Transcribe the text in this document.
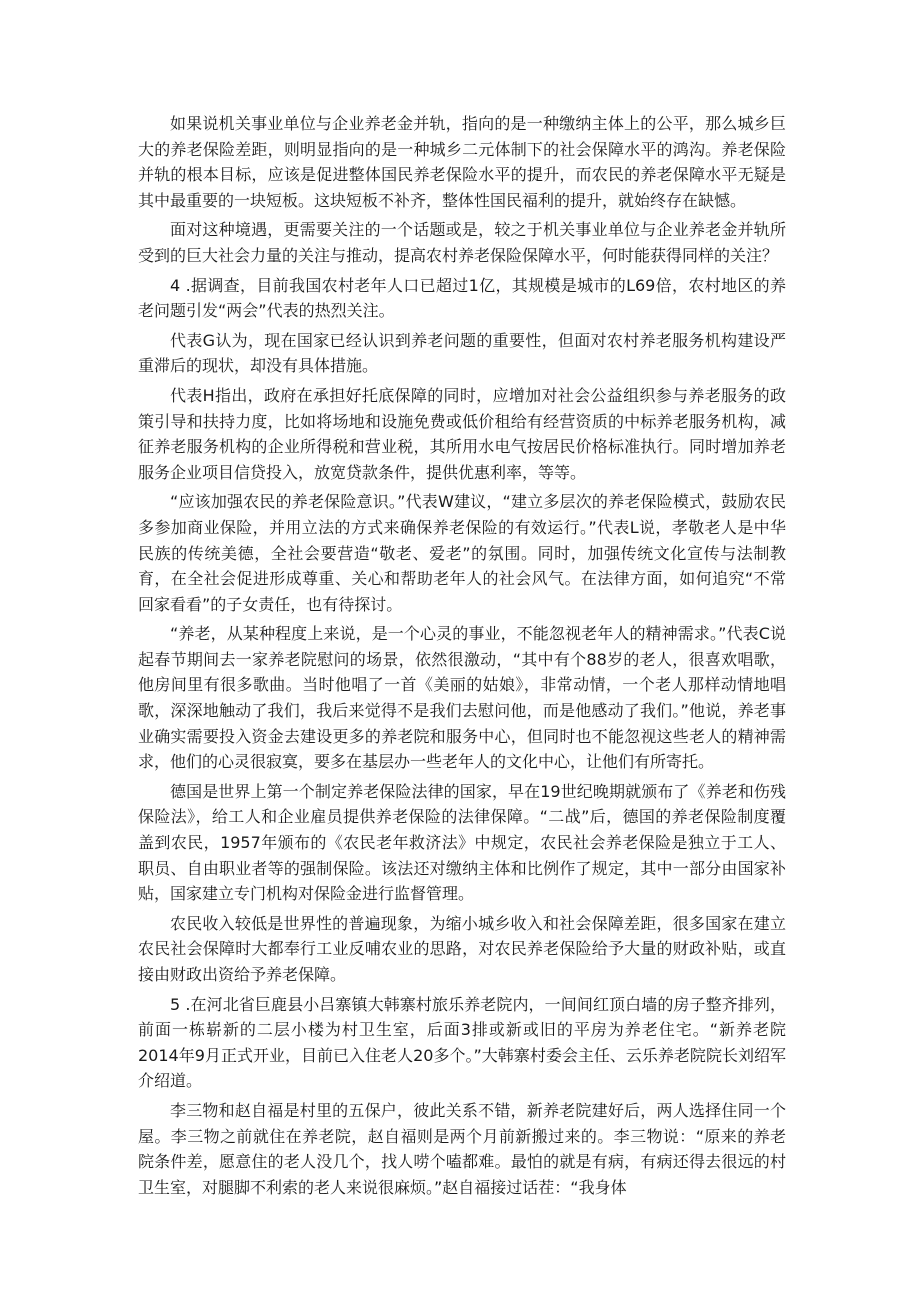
如果说机关事业单位与企业养老金并轨，指向的是一种缴纳主体上的公平，那么城乡巨大的养老保险差距，则明显指向的是一种城乡二元体制下的社会保障水平的鸿沟。养老保险并轨的根本目标，应该是促进整体国民养老保险水平的提升，而农民的养老保障水平无疑是其中最重要的一块短板。这块短板不补齐，整体性国民福利的提升，就始终存在缺憾。

面对这种境遇，更需要关注的一个话题或是，较之于机关事业单位与企业养老金并轨所受到的巨大社会力量的关注与推动，提高农村养老保险保障水平，何时能获得同样的关注？

4 .据调查，目前我国农村老年人口已超过1亿，其规模是城市的L69倍，农村地区的养老问题引发“两会”代表的热烈关注。

代表G认为，现在国家已经认识到养老问题的重要性，但面对农村养老服务机构建设严重滞后的现状，却没有具体措施。

代表H指出，政府在承担好托底保障的同时，应增加对社会公益组织参与养老服务的政策引导和扶持力度，比如将场地和设施免费或低价租给有经营资质的中标养老服务机构，减征养老服务机构的企业所得税和营业税，其所用水电气按居民价格标准执行。同时增加养老服务企业项目信贷投入，放宽贷款条件，提供优惠利率，等等。

“应该加强农民的养老保险意识。”代表W建议，“建立多层次的养老保险模式，鼓励农民多参加商业保险，并用立法的方式来确保养老保险的有效运行。”代表L说，孝敬老人是中华民族的传统美德，全社会要营造“敬老、爱老”的氛围。同时，加强传统文化宣传与法制教育，在全社会促进形成尊重、关心和帮助老年人的社会风气。在法律方面，如何追究“不常回家看看”的子女责任，也有待探讨。

“养老，从某种程度上来说，是一个心灵的事业，不能忽视老年人的精神需求。”代表C说起春节期间去一家养老院慰问的场景，依然很激动，“其中有个88岁的老人，很喜欢唱歌，他房间里有很多歌曲。当时他唱了一首《美丽的姑娘》，非常动情，一个老人那样动情地唱歌，深深地触动了我们，我后来觉得不是我们去慰问他，而是他感动了我们。”他说，养老事业确实需要投入资金去建设更多的养老院和服务中心，但同时也不能忽视这些老人的精神需求，他们的心灵很寂寞，要多在基层办一些老年人的文化中心，让他们有所寄托。

德国是世界上第一个制定养老保险法律的国家，早在19世纪晚期就颁布了《养老和伤残保险法》，给工人和企业雇员提供养老保险的法律保障。“二战”后，德国的养老保险制度覆盖到农民，1957年颁布的《农民老年救济法》中规定，农民社会养老保险是独立于工人、职员、自由职业者等的强制保险。该法还对缴纳主体和比例作了规定，其中一部分由国家补贴，国家建立专门机构对保险金进行监督管理。

农民收入较低是世界性的普遍现象，为缩小城乡收入和社会保障差距，很多国家在建立农民社会保障时大都奉行工业反哺农业的思路，对农民养老保险给予大量的财政补贴，或直接由财政出资给予养老保障。

5 .在河北省巨鹿县小吕寨镇大韩寨村旅乐养老院内，一间间红顶白墙的房子整齐排列，前面一栋崭新的二层小楼为村卫生室，后面3排或新或旧的平房为养老住宅。“新养老院2014年9月正式开业，目前已入住老人20多个。”大韩寨村委会主任、云乐养老院院长刘绍军介绍道。

李三物和赵自福是村里的五保户，彼此关系不错，新养老院建好后，两人选择住同一个屋。李三物之前就住在养老院，赵自福则是两个月前新搬过来的。李三物说：“原来的养老院条件差，愿意住的老人没几个，找人唠个嗑都难。最怕的就是有病，有病还得去很远的村卫生室，对腿脚不利索的老人来说很麻烦。”赵自福接过话茬：“我身体
